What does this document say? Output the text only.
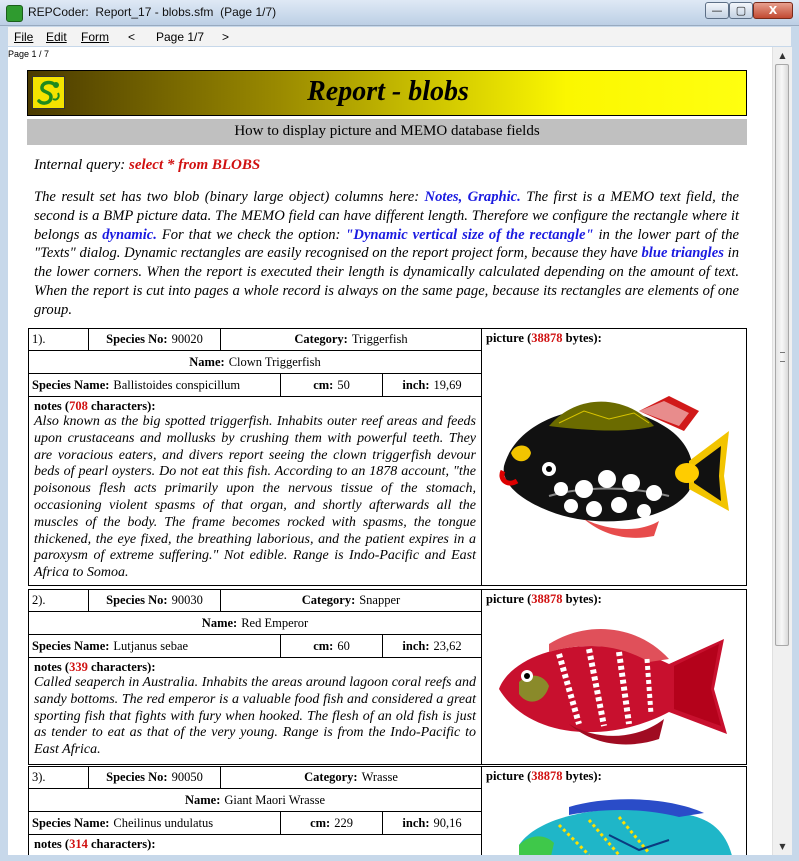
REPCoder:  Report_17 - blobs.sfm  (Page 1/7)	—	▢	X
File Edit Form < Page 1/7 >
Page 1 / 7
Report - blobs
How to display picture and MEMO database fields
Internal query: select * from BLOBS
The result set has two blob (binary large object) columns here: Notes, Graphic. The first is a MEMO text field, the second is a BMP picture data. The MEMO field can have different length. Therefore we configure the rectangle where it belongs as dynamic. For that we check the option: "Dynamic vertical size of the rectangle" in the lower part of the "Texts" dialog. Dynamic rectangles are easily recognised on the report project form, because they have blue triangles in the lower corners. When the report is executed their length is dynamically calculated depending on the amount of text. When the report is cut into pages a whole record is always on the same page, because its rectangles are elements of one group.
1).	Species No: 90020	Category: Triggerfish
Name: Clown Triggerfish
Species Name: Ballistoides conspicillum	cm: 50	inch: 19,69
notes (708 characters):
Also known as the big spotted triggerfish. Inhabits outer reef areas and feeds upon crustaceans and mollusks by crushing them with powerful teeth. They are voracious eaters, and divers report seeing the clown triggerfish devour beds of pearl oysters. Do not eat this fish. According to an 1878 account, "the poisonous flesh acts primarily upon the nervous tissue of the stomach, occasioning violent spasms of that organ, and shortly afterwards all the muscles of the body. The frame becomes rocked with spasms, the tongue thickened, the eye fixed, the breathing laborious, and the patient expires in a paroxysm of extreme suffering." Not edible. Range is Indo-Pacific and East Africa to Somoa.
picture (38878 bytes):
2).	Species No: 90030	Category: Snapper
Name: Red Emperor
Species Name: Lutjanus sebae	cm: 60	inch: 23,62
notes (339 characters):
Called seaperch in Australia. Inhabits the areas around lagoon coral reefs and sandy bottoms. The red emperor is a valuable food fish and considered a great sporting fish that fights with fury when hooked. The flesh of an old fish is just as tender to eat as that of the very young. Range is from the Indo-Pacific to East Africa.
picture (38878 bytes):
3).	Species No: 90050	Category: Wrasse
Name: Giant Maori Wrasse
Species Name: Cheilinus undulatus	cm: 229	inch: 90,16
notes (314 characters):
picture (38878 bytes):
▲
▼
